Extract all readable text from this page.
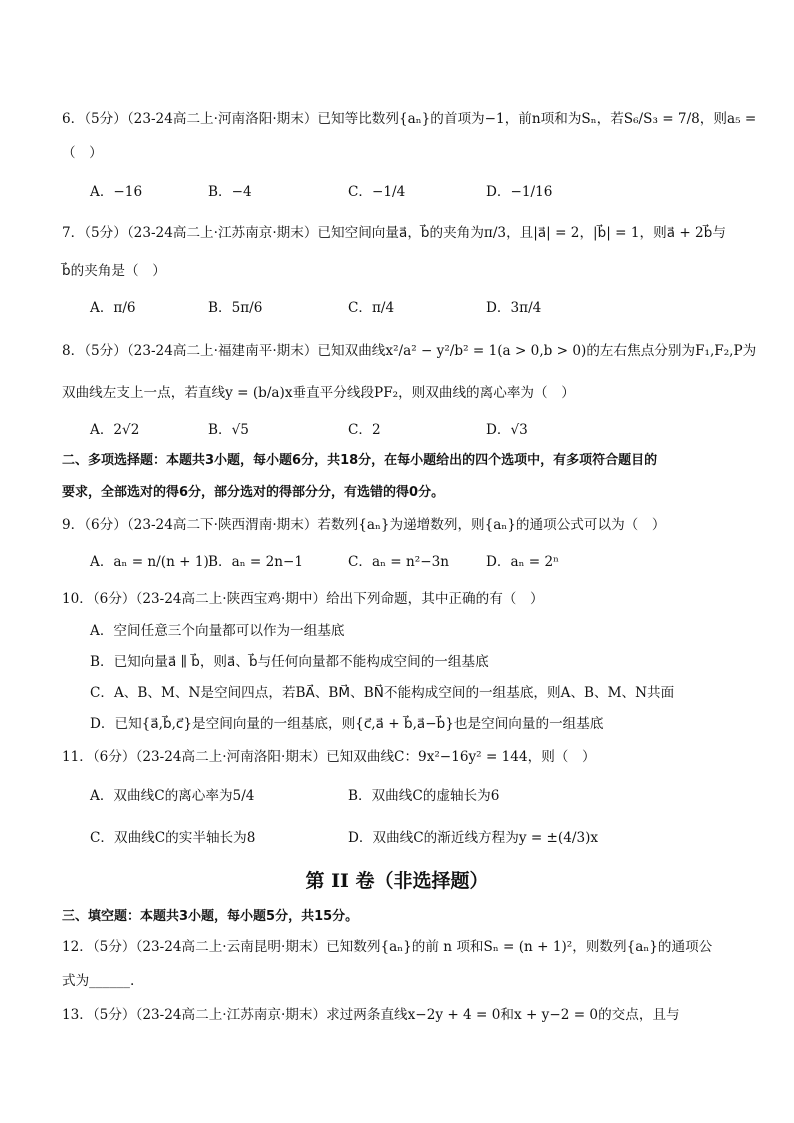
6．（5分）（23-24高二上·河南洛阳·期末）已知等比数列{aₙ}的首项为−1，前n项和为Sₙ，若S₆/S₃ = 7/8，则a₅ =
（　）
A．−16	B．−4	C．−1/4	D．−1/16
7．（5分）（23-24高二上·江苏南京·期末）已知空间向量a⃗，b⃗的夹角为π/3，且|a⃗| = 2，|b⃗| = 1，则a⃗ + 2b⃗与
b⃗的夹角是（　）
A．π/6	B．5π/6	C．π/4	D．3π/4
8．（5分）（23-24高二上·福建南平·期末）已知双曲线x²/a² − y²/b² = 1(a > 0,b > 0)的左右焦点分别为F₁,F₂,P为
双曲线左支上一点，若直线y = (b/a)x垂直平分线段PF₂，则双曲线的离心率为（　）
A．2√2	B．√5	C．2	D．√3
二、多项选择题：本题共3小题，每小题6分，共18分，在每小题给出的四个选项中，有多项符合题目的
要求，全部选对的得6分，部分选对的得部分分，有选错的得0分。
9．（6分）（23-24高二下·陕西渭南·期末）若数列{aₙ}为递增数列，则{aₙ}的通项公式可以为（　）
A．aₙ = n/(n + 1) B．aₙ = 2n−1	C．aₙ = n²−3n	D．aₙ = 2ⁿ
10．（6分）（23-24高二上·陕西宝鸡·期中）给出下列命题，其中正确的有（　）
A．空间任意三个向量都可以作为一组基底
B．已知向量a⃗ ∥ b⃗，则a⃗、b⃗与任何向量都不能构成空间的一组基底
C．A、B、M、N是空间四点，若BA⃗、BM⃗、BN⃗不能构成空间的一组基底，则A、B、M、N共面
D．已知{a⃗,b⃗,c⃗}是空间向量的一组基底，则{c⃗,a⃗ + b⃗,a⃗−b⃗}也是空间向量的一组基底
11．（6分）（23-24高二上·河南洛阳·期末）已知双曲线C：9x²−16y² = 144，则（　）
A．双曲线C的离心率为5/4	B．双曲线C的虚轴长为6
C．双曲线C的实半轴长为8	D．双曲线C的渐近线方程为y = ±(4/3)x
第 II 卷（非选择题）
三、填空题：本题共3小题，每小题5分，共15分。
12．（5分）（23-24高二上·云南昆明·期末）已知数列{aₙ}的前 n 项和Sₙ = (n + 1)²，则数列{aₙ}的通项公
式为______.
13．（5分）（23-24高二上·江苏南京·期末）求过两条直线x−2y + 4 = 0和x + y−2 = 0的交点，且与
